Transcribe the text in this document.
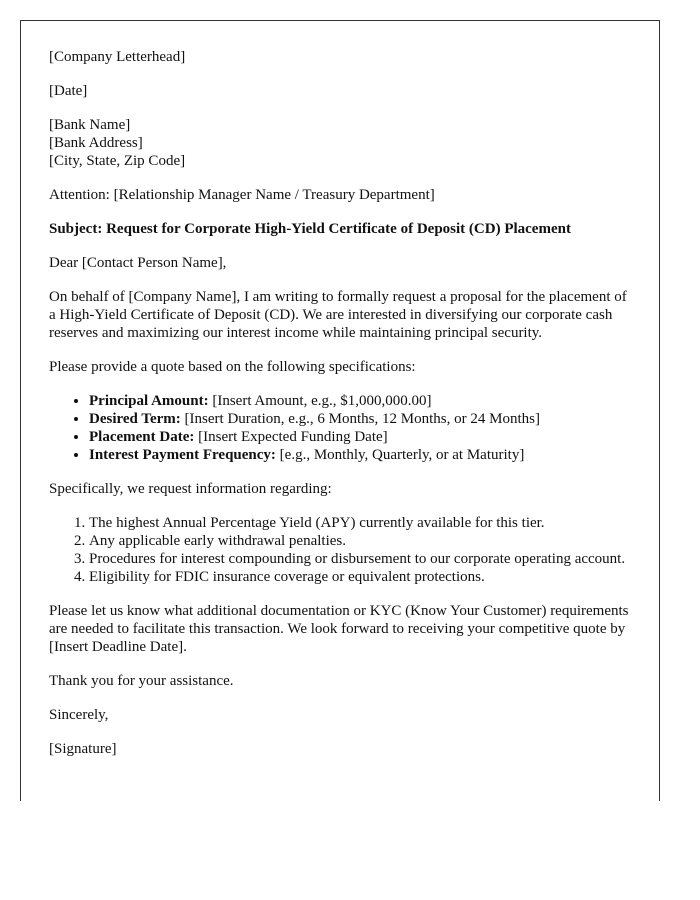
[Company Letterhead]

[Date]

[Bank Name]
[Bank Address]
[City, State, Zip Code]

Attention: [Relationship Manager Name / Treasury Department]

Subject: Request for Corporate High-Yield Certificate of Deposit (CD) Placement

Dear [Contact Person Name],

On behalf of [Company Name], I am writing to formally request a proposal for the placement of a High-Yield Certificate of Deposit (CD). We are interested in diversifying our corporate cash reserves and maximizing our interest income while maintaining principal security.

Please provide a quote based on the following specifications:

• Principal Amount: [Insert Amount, e.g., $1,000,000.00]
• Desired Term: [Insert Duration, e.g., 6 Months, 12 Months, or 24 Months]
• Placement Date: [Insert Expected Funding Date]
• Interest Payment Frequency: [e.g., Monthly, Quarterly, or at Maturity]

Specifically, we request information regarding:

1. The highest Annual Percentage Yield (APY) currently available for this tier.
2. Any applicable early withdrawal penalties.
3. Procedures for interest compounding or disbursement to our corporate operating account.
4. Eligibility for FDIC insurance coverage or equivalent protections.

Please let us know what additional documentation or KYC (Know Your Customer) requirements are needed to facilitate this transaction. We look forward to receiving your competitive quote by [Insert Deadline Date].

Thank you for your assistance.

Sincerely,

[Signature]
